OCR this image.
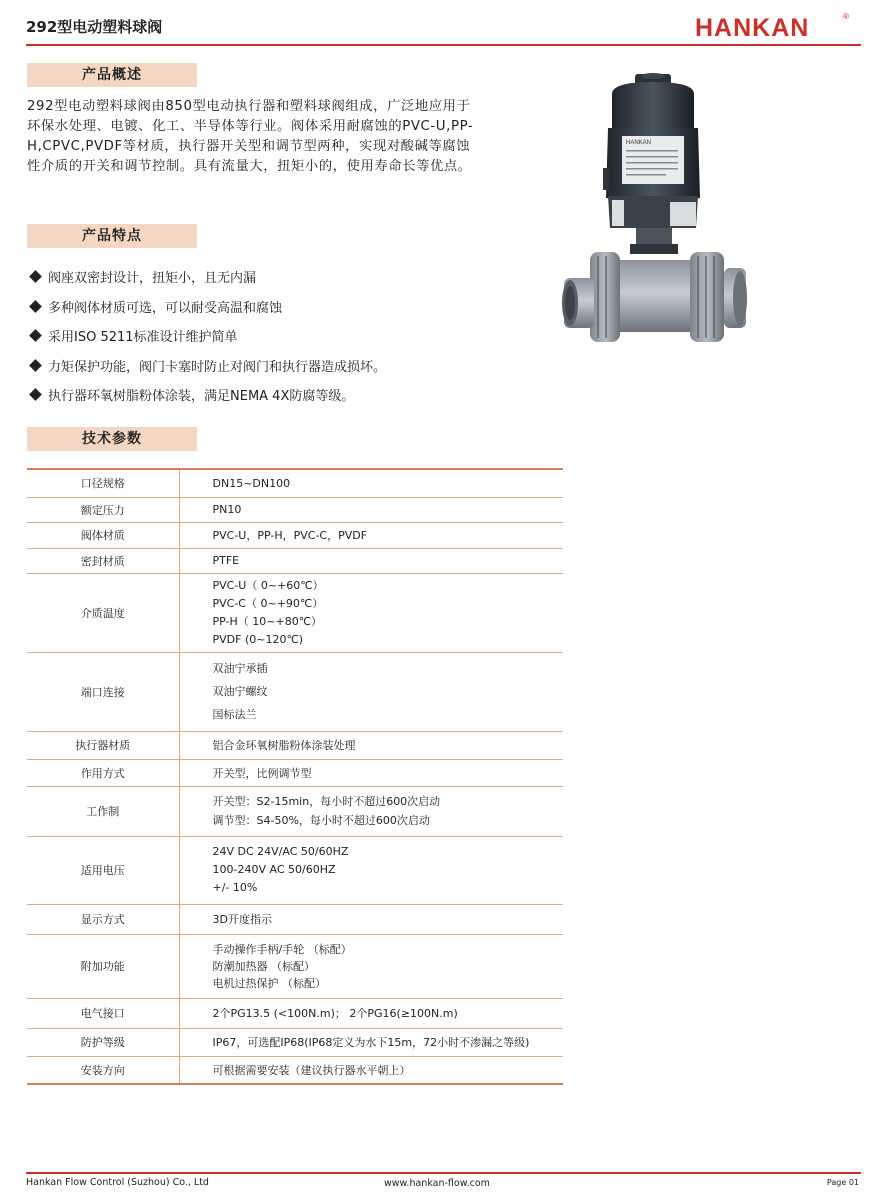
292型电动塑料球阀	HANKAN	®
产品概述

292型电动塑料球阀由850型电动执行器和塑料球阀组成，广泛地应用于环保水处理、电镀、化工、半导体等行业。阀体采用耐腐蚀的PVC-U,PP-H,CPVC,PVDF等材质，执行器开关型和调节型两种，实现对酸碱等腐蚀性介质的开关和调节控制。具有流量大，扭矩小的，使用寿命长等优点。

HANKAN
产品特点
阀座双密封设计，扭矩小，且无内漏
多种阀体材质可选，可以耐受高温和腐蚀
采用ISO 5211标准设计维护简单
力矩保护功能，阀门卡塞时防止对阀门和执行器造成损坏。
执行器环氧树脂粉体涂装，满足NEMA 4X防腐等级。
技术参数
口径规格	DN15~DN100

额定压力	PN10

阀体材质	PVC-U，PP-H，PVC-C，PVDF

密封材质	PTFE

介质温度	PVC-U（ 0~+60℃）
PVC-C（ 0~+90℃）
PP-H（ 10~+80℃）
PVDF (0~120℃)

端口连接	双油宁承插
双油宁螺纹
国标法兰

执行器材质	铝合金环氧树脂粉体涂装处理

作用方式	开关型，比例调节型

工作制	开关型：S2-15min，每小时不超过600次启动
调节型：S4-50%，每小时不超过600次启动

适用电压	24V DC 24V/AC 50/60HZ
100-240V AC 50/60HZ
+/- 10%

显示方式	3D开度指示

附加功能	手动操作手柄/手轮 （标配）
防潮加热器 （标配）
电机过热保护 （标配）

电气接口	2个PG13.5 (<100N.m)； 2个PG16(≥100N.m)

防护等级	IP67，可选配IP68(IP68定义为水下15m，72小时不渗漏之等级)

安装方向	可根据需要安装（建议执行器水平朝上）
Hankan Flow Control (Suzhou) Co., Ltd	www.hankan-flow.com	Page 01
